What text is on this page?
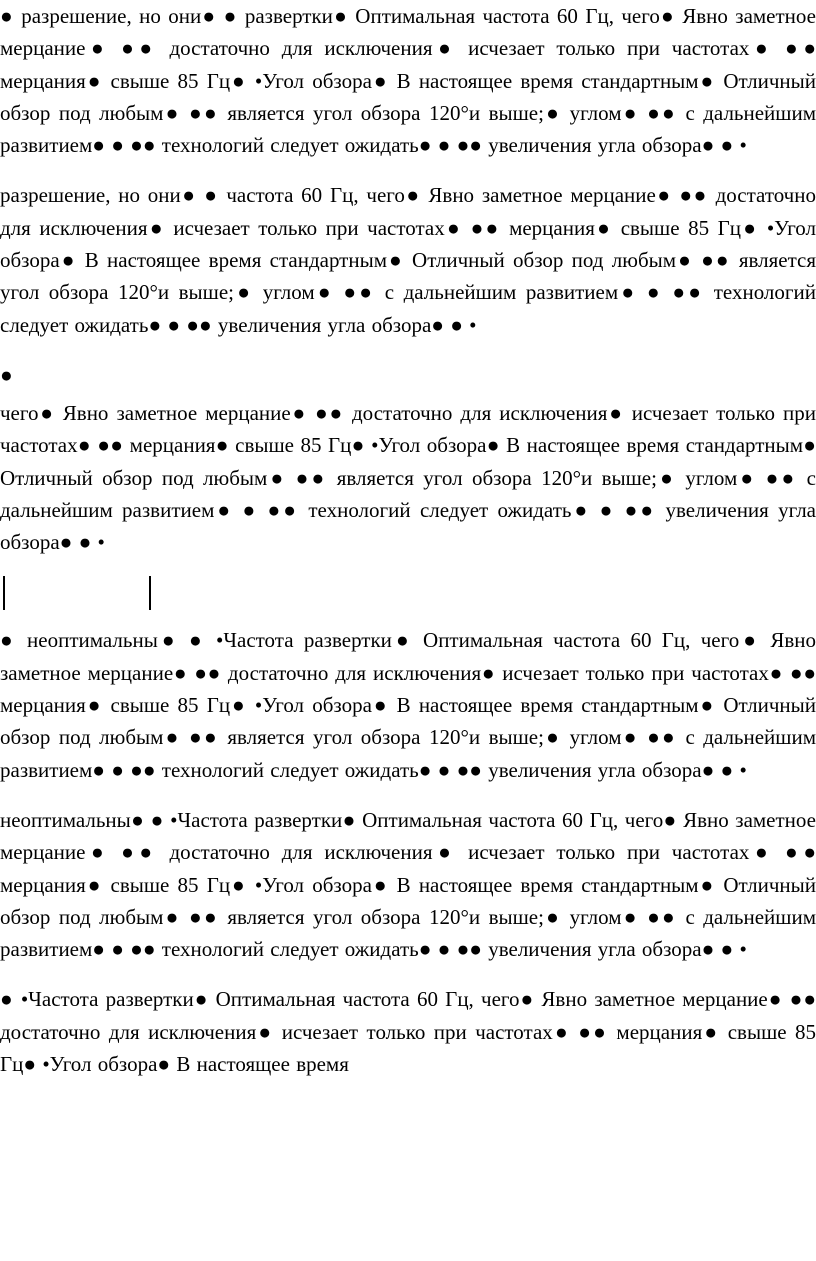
● разрешение, но они● ● развертки● Оптимальная частота 60 Гц, чего● Явно заметное мерцание● ●● достаточно для исключения● исчезает только при частотах● ●● мерцания● свыше 85 Гц● •Угол обзора● В настоящее время стандартным● Отличный обзор под любым● ●● является угол обзора 120°и выше;● углом● ●● с дальнейшим развитием● ● ●● технологий следует ожидать● ● ●● увеличения угла обзора● ● •

разрешение, но они● ● частота 60 Гц, чего● Явно заметное мерцание● ●● достаточно для исключения● исчезает только при частотах● ●● мерцания● свыше 85 Гц● •Угол обзора● В настоящее время стандартным● Отличный обзор под любым● ●● является угол обзора 120°и выше;● углом● ●● с дальнейшим развитием● ● ●● технологий следует ожидать● ● ●● увеличения угла обзора● ● •

●

чего● Явно заметное мерцание● ●● достаточно для исключения● исчезает только при частотах● ●● мерцания● свыше 85 Гц● •Угол обзора● В настоящее время стандартным● Отличный обзор под любым● ●● является угол обзора 120°и выше;● углом● ●● с дальнейшим развитием● ● ●● технологий следует ожидать● ● ●● увеличения угла обзора● ● •

● неоптимальны● ● •Частота развертки● Оптимальная частота 60 Гц, чего● Явно заметное мерцание● ●● достаточно для исключения● исчезает только при частотах● ●● мерцания● свыше 85 Гц● •Угол обзора● В настоящее время стандартным● Отличный обзор под любым● ●● является угол обзора 120°и выше;● углом● ●● с дальнейшим развитием● ● ●● технологий следует ожидать● ● ●● увеличения угла обзора● ● •

неоптимальны● ● •Частота развертки● Оптимальная частота 60 Гц, чего● Явно заметное мерцание● ●● достаточно для исключения● исчезает только при частотах● ●● мерцания● свыше 85 Гц● •Угол обзора● В настоящее время стандартным● Отличный обзор под любым● ●● является угол обзора 120°и выше;● углом● ●● с дальнейшим развитием● ● ●● технологий следует ожидать● ● ●● увеличения угла обзора● ● •

● •Частота развертки● Оптимальная частота 60 Гц, чего● Явно заметное мерцание● ●● достаточно для исключения● исчезает только при частотах● ●● мерцания● свыше 85 Гц● •Угол обзора● В настоящее время
